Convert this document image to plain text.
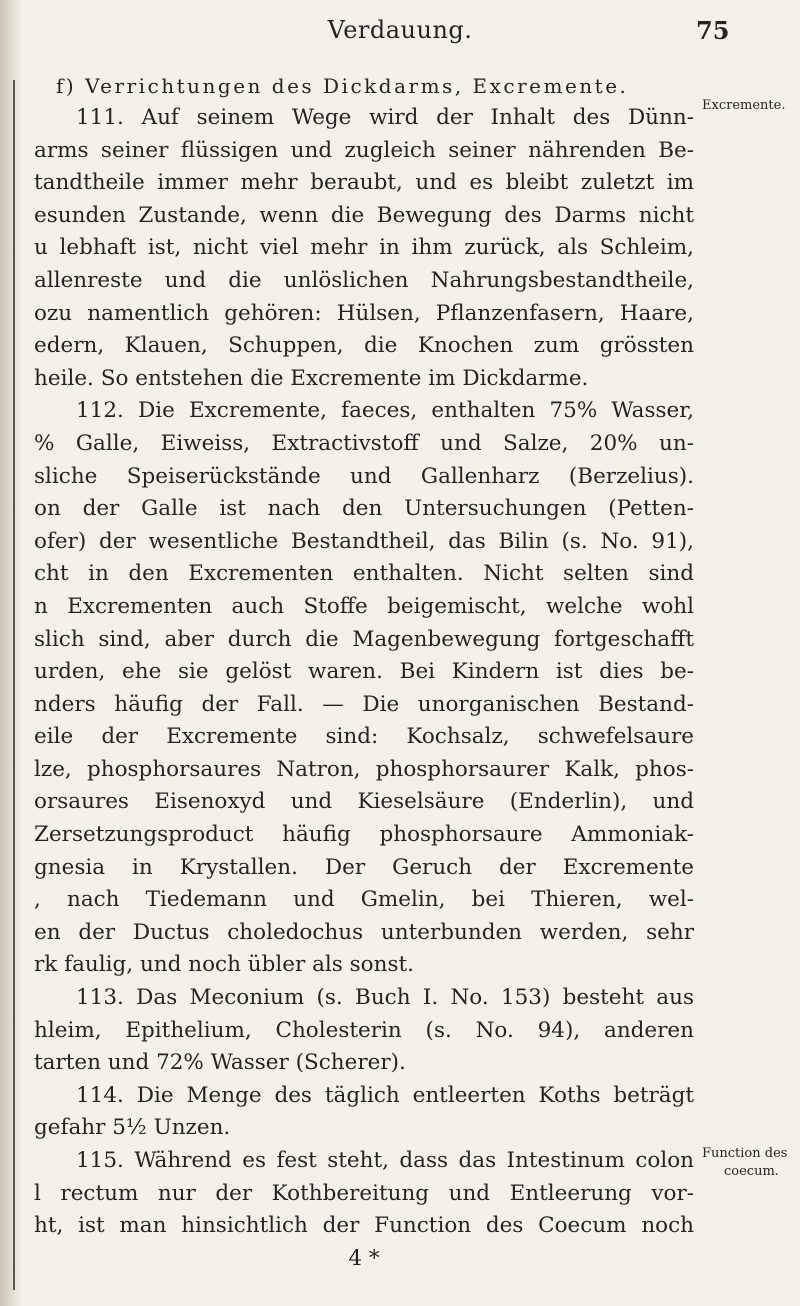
Verdauung.	75
f) Verrichtungen des Dickdarms, Excremente.
111. Auf seinem Wege wird der Inhalt des Dünn-
arms seiner flüssigen und zugleich seiner nährenden Be-
tandtheile immer mehr beraubt, und es bleibt zuletzt im
esunden Zustande, wenn die Bewegung des Darms nicht
u lebhaft ist, nicht viel mehr in ihm zurück, als Schleim,
allenreste und die unlöslichen Nahrungsbestandtheile,
ozu namentlich gehören: Hülsen, Pflanzenfasern, Haare,
edern, Klauen, Schuppen, die Knochen zum grössten
heile. So entstehen die Excremente im Dickdarme.
112. Die Excremente, faeces, enthalten 75% Wasser,
% Galle, Eiweiss, Extractivstoff und Salze, 20% un-
sliche Speiserückstände und Gallenharz (Berzelius).
on der Galle ist nach den Untersuchungen (Petten-
ofer) der wesentliche Bestandtheil, das Bilin (s. No. 91),
cht in den Excrementen enthalten. Nicht selten sind
n Excrementen auch Stoffe beigemischt, welche wohl
slich sind, aber durch die Magenbewegung fortgeschafft
urden, ehe sie gelöst waren. Bei Kindern ist dies be-
nders häufig der Fall. — Die unorganischen Bestand-
eile der Excremente sind: Kochsalz, schwefelsaure
lze, phosphorsaures Natron, phosphorsaurer Kalk, phos-
orsaures Eisenoxyd und Kieselsäure (Enderlin), und
Zersetzungsproduct häufig phosphorsaure Ammoniak-
gnesia in Krystallen. Der Geruch der Excremente
, nach Tiedemann und Gmelin, bei Thieren, wel-
en der Ductus choledochus unterbunden werden, sehr
rk faulig, und noch übler als sonst.
113. Das Meconium (s. Buch I. No. 153) besteht aus
hleim, Epithelium, Cholesterin (s. No. 94), anderen
tarten und 72% Wasser (Scherer).
114. Die Menge des täglich entleerten Koths beträgt
gefahr 5½ Unzen.
115. Während es fest steht, dass das Intestinum colon
l rectum nur der Kothbereitung und Entleerung vor-
ht, ist man hinsichtlich der Function des Coecum noch
4 *
Excremente.
Function des
coecum.
